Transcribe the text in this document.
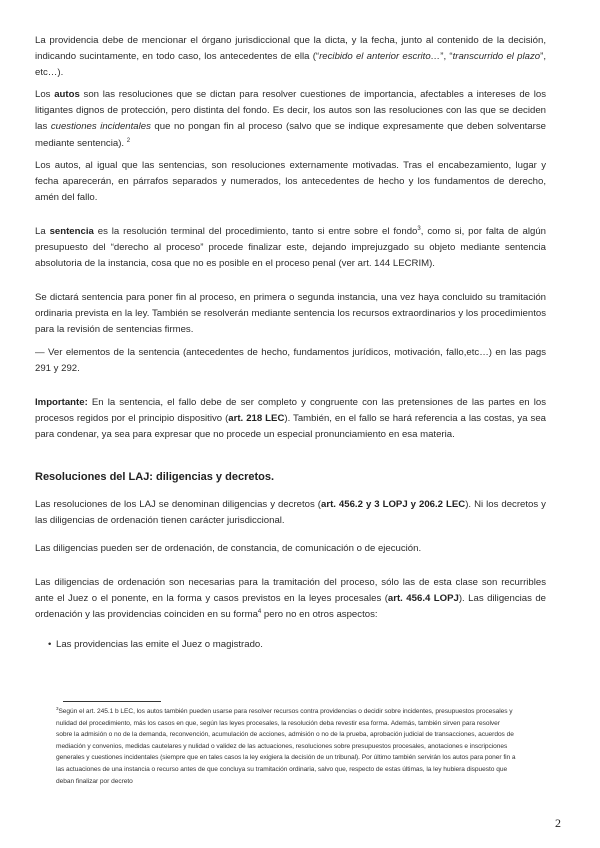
La providencia debe de mencionar el órgano jurisdiccional que la dicta, y la fecha, junto al contenido de la decisión, indicando sucintamente, en todo caso, los antecedentes de ella (“recibido el anterior escrito…”, “transcurrido el plazo”, etc…).

Los autos son las resoluciones que se dictan para resolver cuestiones de importancia, afectables a intereses de los litigantes dignos de protección, pero distinta del fondo. Es decir, los autos son las resoluciones con las que se deciden las cuestiones incidentales que no pongan fin al proceso (salvo que se indique expresamente que deben solventarse mediante sentencia). $^2$

Los autos, al igual que las sentencias, son resoluciones externamente motivadas. Tras el encabezamiento, lugar y fecha aparecerán, en párrafos separados y numerados, los antecedentes de hecho y los fundamentos de derecho, amén del fallo.

La sentencia es la resolución terminal del procedimiento, tanto si entre sobre el fondo$^3$, como si, por falta de algún presupuesto del “derecho al proceso” procede finalizar este, dejando imprejuzgado su objeto mediante sentencia absolutoria de la instancia, cosa que no es posible en el proceso penal (ver art. 144 LECRIM).

Se dictará sentencia para poner fin al proceso, en primera o segunda instancia, una vez haya concluido su tramitación ordinaria prevista en la ley. También se resolverán mediante sentencia los recursos extraordinarios y los procedimientos para la revisión de sentencias firmes.

— Ver elementos de la sentencia (antecedentes de hecho, fundamentos jurídicos, motivación, fallo,etc…) en las pags 291 y 292.

Importante: En la sentencia, el fallo debe de ser completo y congruente con las pretensiones de las partes en los procesos regidos por el principio dispositivo (art. 218 LEC). También, en el fallo se hará referencia a las costas, ya sea para condenar, ya sea para expresar que no procede un especial pronunciamiento en esa materia.

Resoluciones del LAJ: diligencias y decretos.

Las resoluciones de los LAJ se denominan diligencias y decretos (art. 456.2 y 3 LOPJ y 206.2 LEC). Ni los decretos y las diligencias de ordenación tienen carácter jurisdiccional.

Las diligencias pueden ser de ordenación, de constancia, de comunicación o de ejecución.

Las diligencias de ordenación son necesarias para la tramitación del proceso, sólo las de esta clase son recurribles ante el Juez o el ponente, en la forma y casos previstos en la leyes procesales (art. 456.4 LOPJ). Las diligencias de ordenación y las providencias coinciden en su forma$^4$ pero no en otros aspectos:

• Las providencias las emite el Juez o magistrado.
$^3$Según el art. 245.1 b LEC, los autos también pueden usarse para resolver recursos contra providencias o decidir sobre incidentes, presupuestos procesales y nulidad del procedimiento, más los casos en que, según las leyes procesales, la resolución deba revestir esa forma. Además, también sirven para resolver sobre la admisión o no de la demanda, reconvención, acumulación de acciones, admisión o no de la prueba, aprobación judicial de transacciones, acuerdos de mediación y convenios, medidas cautelares y nulidad o validez de las actuaciones, resoluciones sobre presupuestos procesales, anotaciones e inscripciones generales y cuestiones incidentales (siempre que en tales casos la ley exigiera la decisión de un tribunal). Por último también servirán los autos para poner fin a las actuaciones de una instancia o recurso antes de que concluya su tramitación ordinaria, salvo que, respecto de estas últimas, la ley hubiera dispuesto que deban finalizar por decreto
2
